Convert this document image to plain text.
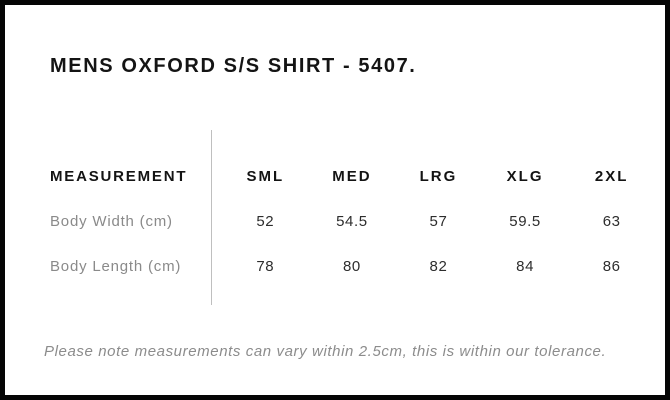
MENS OXFORD S/S SHIRT - 5407.
MEASUREMENT	SML	MED	LRG	XLG	2XL
Body Width (cm)	52	54.5	57	59.5	63
Body Length (cm)	78	80	82	84	86
Please note measurements can vary within 2.5cm, this is within our tolerance.
